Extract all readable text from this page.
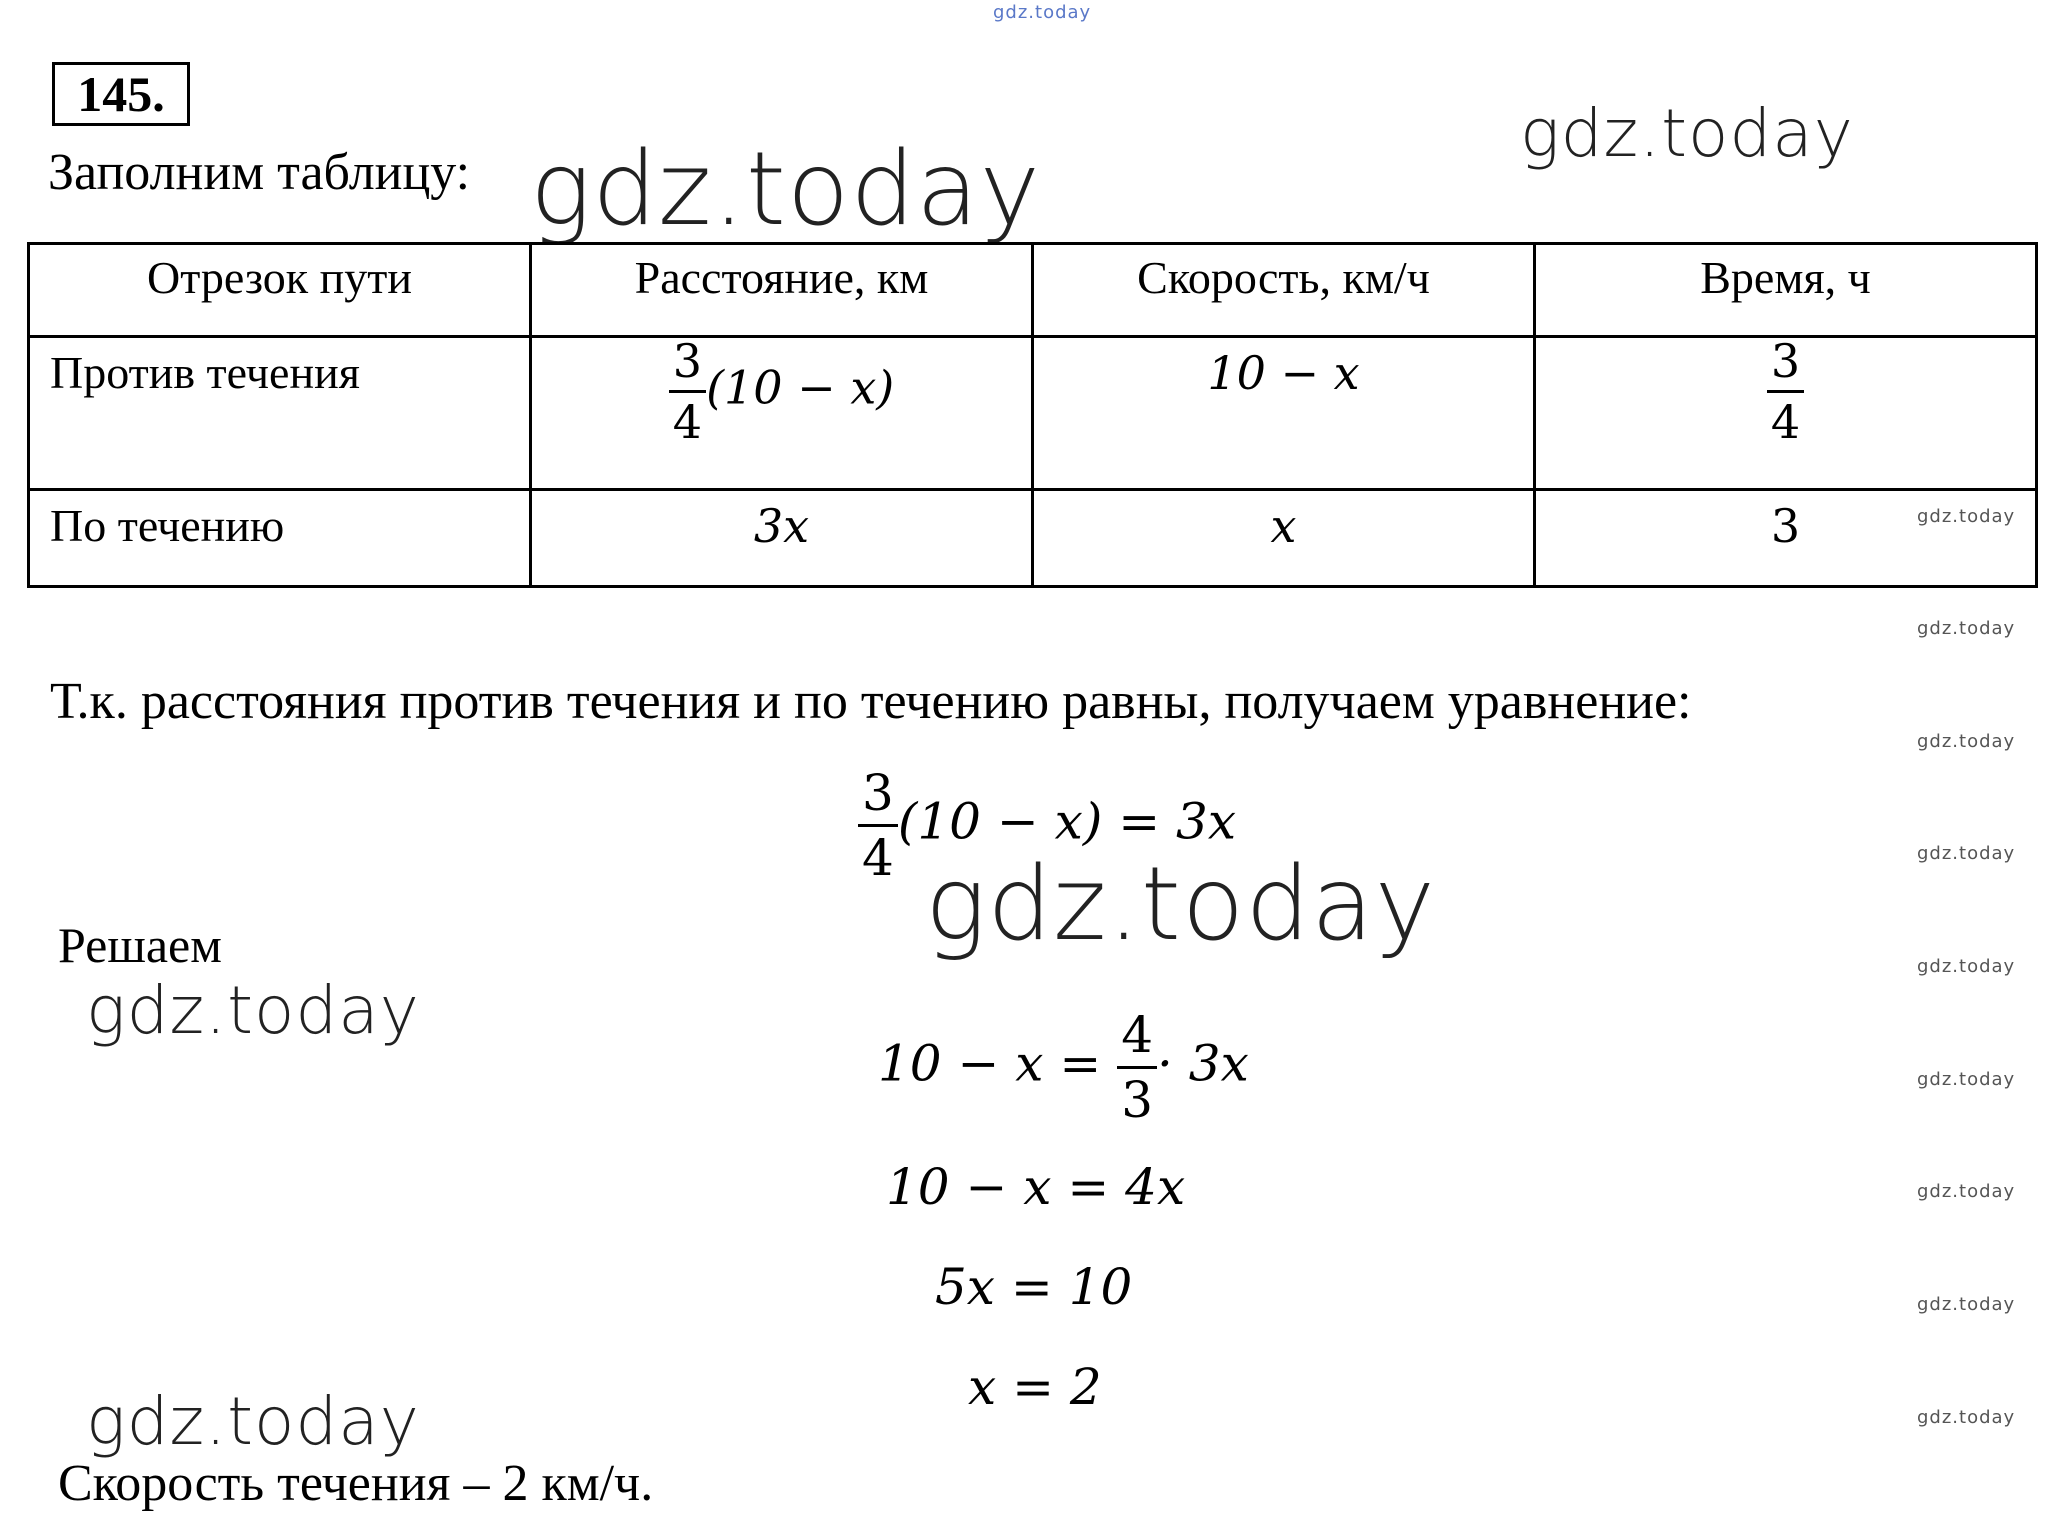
gdz.today
gdz.today	gdz.today
gdz.today
gdz.today
gdz.today
gdz.today
gdz.today
gdz.today
gdz.today
gdz.today
gdz.today
gdz.today
gdz.today
gdz.today
145.
Заполним таблицу:
Отрезок пути	Расстояние, км	Скорость, км/ч	Время, ч
Против течения	$\frac{3}{4} (10 - x)$	10 − x	$\frac{3}{4}$

По течению	3x	x	3
Т.к. расстояния против течения и по течению равны, получаем уравнение:
$\frac{3}{4} (10 - x) = 3x$
Решаем
$10 - x = \frac{4}{3} \cdot 3x$
10 − x = 4x
5x = 10
x = 2
Скорость течения – 2 км/ч.
